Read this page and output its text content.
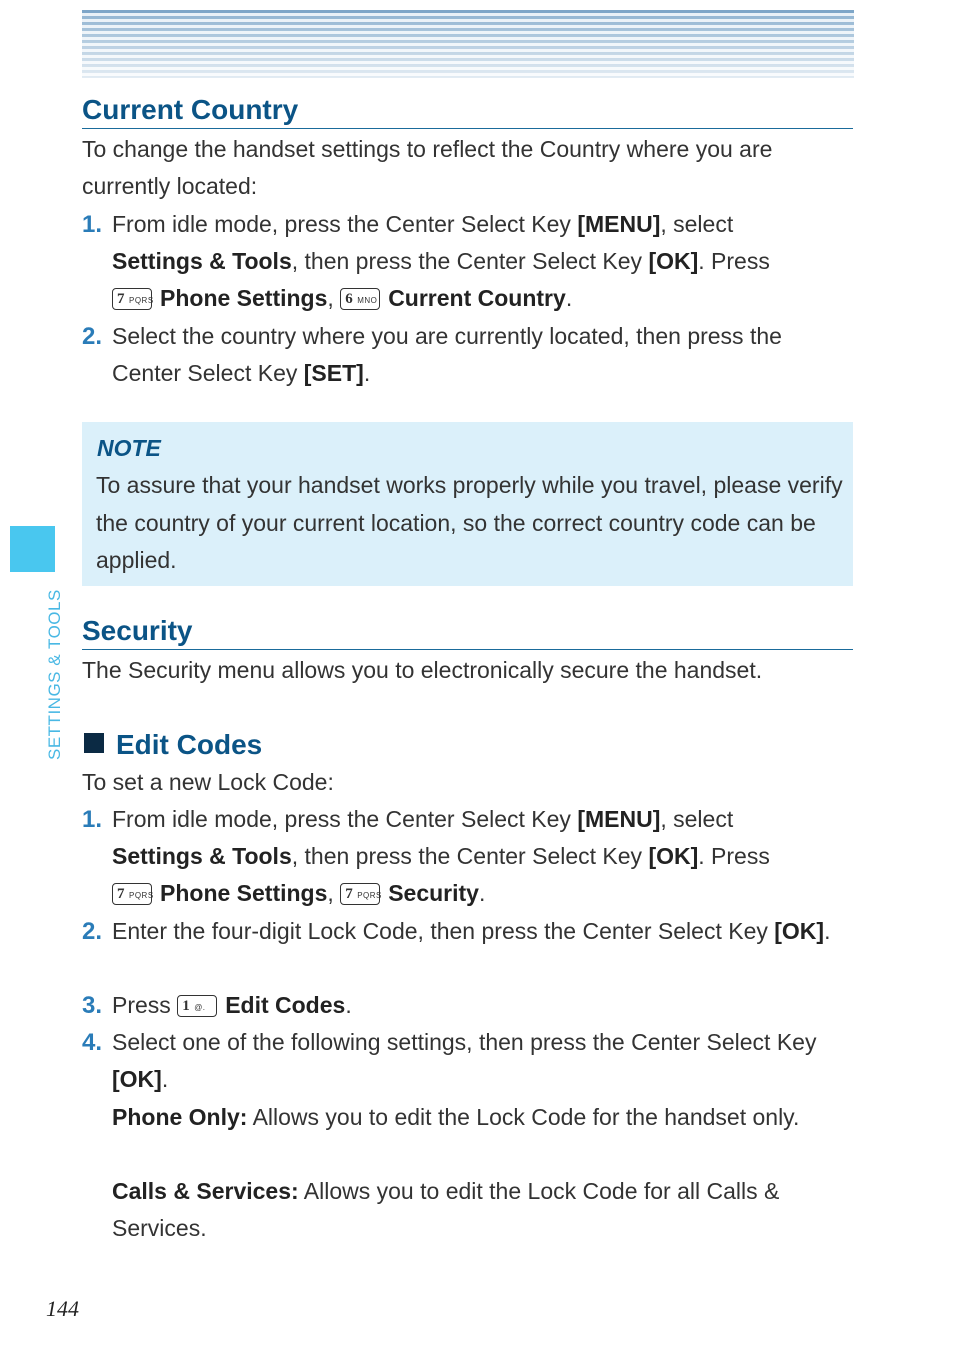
SETTINGS & TOOLS
Current Country
To change the handset settings to reflect the Country where you are currently located:
1. From idle mode, press the Center Select Key [MENU], select
Settings & Tools, then press the Center Select Key [OK]. Press

7 PQRS Phone Settings, 6 MNO Current Country.
2. Select the country where you are currently located, then press the Center Select Key [SET].
NOTE
To assure that your handset works properly while you travel, please verify the country of your current location, so the correct country code can be applied.
Security
The Security menu allows you to electronically secure the handset.
Edit Codes
To set a new Lock Code:
1. From idle mode, press the Center Select Key [MENU], select
Settings & Tools, then press the Center Select Key [OK]. Press

7 PQRS Phone Settings, 7 PQRS Security.
2. Enter the four-digit Lock Code, then press the Center Select Key [OK].
3. Press 1 @. Edit Codes.
4. Select one of the following settings, then press the Center Select Key [OK].
Phone Only: Allows you to edit the Lock Code for the handset only.
Calls & Services: Allows you to edit the Lock Code for all Calls & Services.
144
